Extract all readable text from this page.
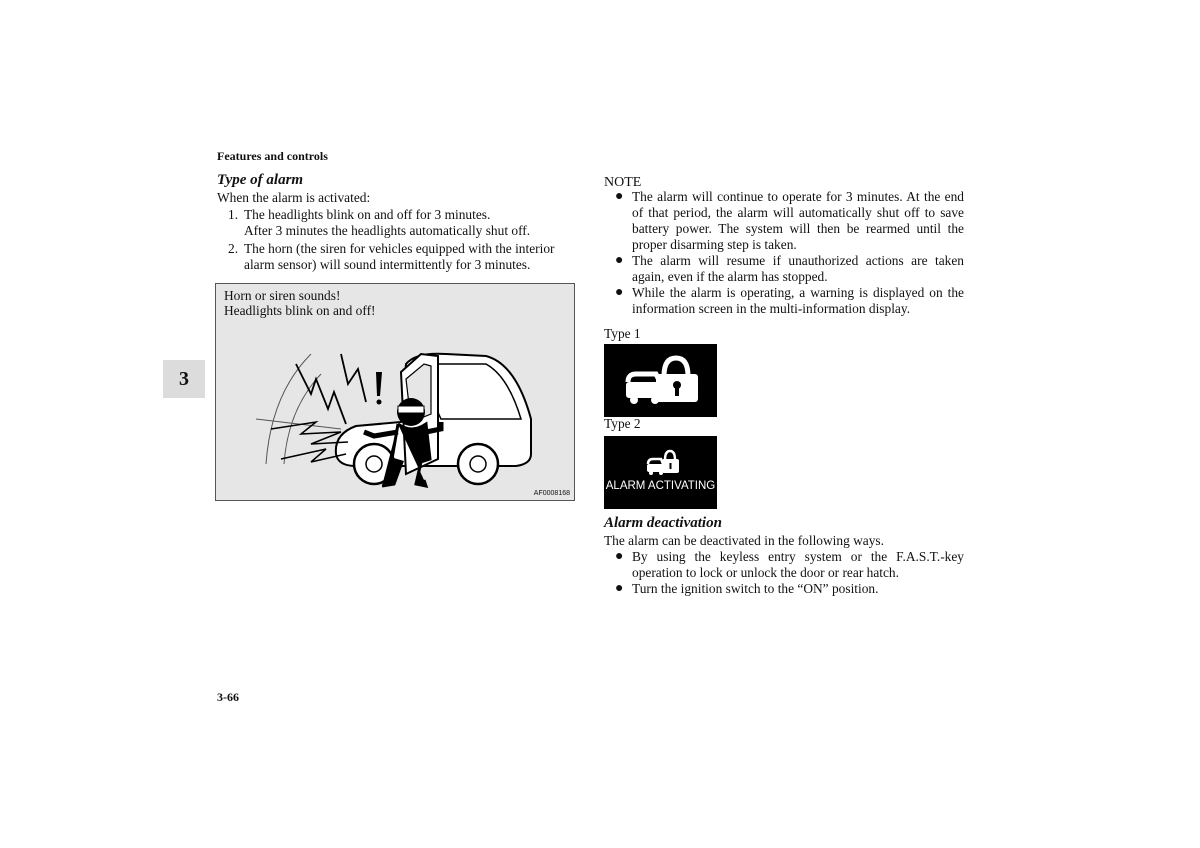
Features and controls
3
Type of alarm
When the alarm is activated:
1. The headlights blink on and off for 3 minutes.
After 3 minutes the headlights automatically shut off.
2. The horn (the siren for vehicles equipped with the interior
alarm sensor) will sound intermittently for 3 minutes.
Horn or siren sounds!
Headlights blink on and off!
AF0008168
NOTE
● The alarm will continue to operate for 3 minutes. At the end of that period, the alarm will automatically shut off to save battery power. The system will then be rearmed until the proper disarming step is taken.
● The alarm will resume if unauthorized actions are taken again, even if the alarm has stopped.
● While the alarm is operating, a warning is displayed on the information screen in the multi-information display.
Type 1
Type 2
ALARM ACTIVATING
Alarm deactivation
The alarm can be deactivated in the following ways.
● By using the keyless entry system or the F.A.S.T.-key operation to lock or unlock the door or rear hatch.
● Turn the ignition switch to the “ON” position.
3-66
